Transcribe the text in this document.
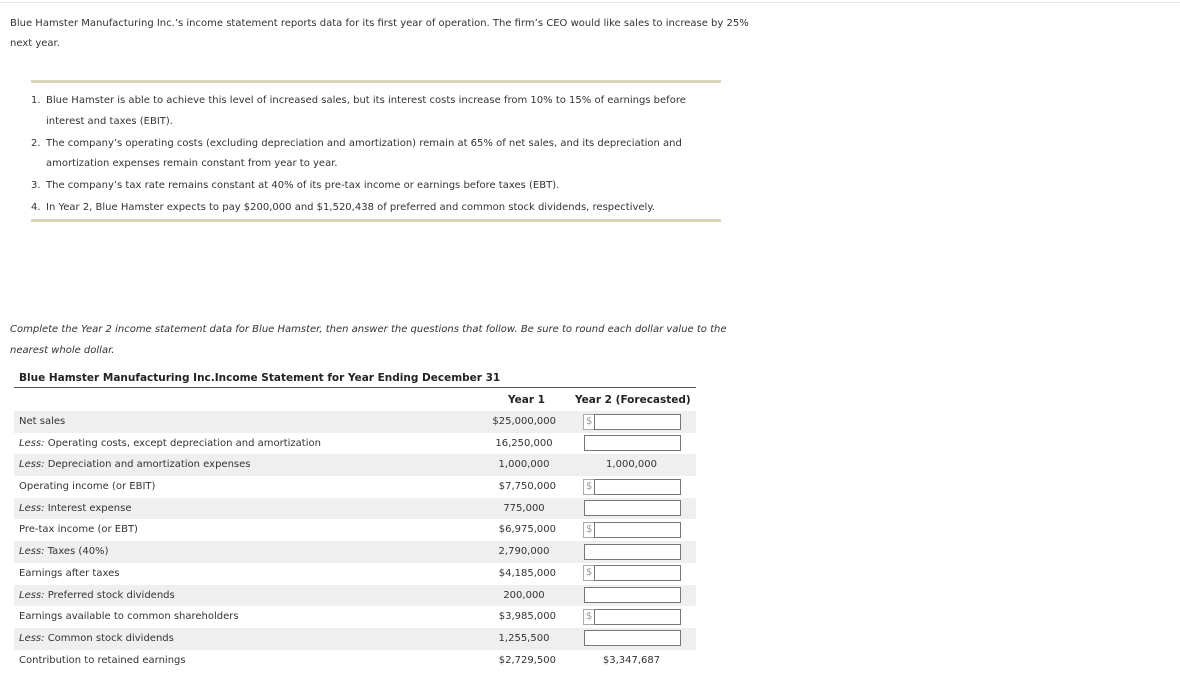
Blue Hamster Manufacturing Inc.’s income statement reports data for its first year of operation. The firm’s CEO would like sales to increase by 25% next year.
1. Blue Hamster is able to achieve this level of increased sales, but its interest costs increase from 10% to 15% of earnings before interest and taxes (EBIT).
2. The company’s operating costs (excluding depreciation and amortization) remain at 65% of net sales, and its depreciation and amortization expenses remain constant from year to year.
3. The company’s tax rate remains constant at 40% of its pre-tax income or earnings before taxes (EBT).
4. In Year 2, Blue Hamster expects to pay $200,000 and $1,520,438 of preferred and common stock dividends, respectively.
Complete the Year 2 income statement data for Blue Hamster, then answer the questions that follow. Be sure to round each dollar value to the nearest whole dollar.
Blue Hamster Manufacturing Inc.Income Statement for Year Ending December 31
Year 1	Year 2 (Forecasted)
Net sales	$25,000,000	$
Less: Operating costs, except depreciation and amortization	16,250,000
Less: Depreciation and amortization expenses	1,000,000	1,000,000
Operating income (or EBIT)	$7,750,000	$
Less: Interest expense	775,000
Pre-tax income (or EBT)	$6,975,000	$
Less: Taxes (40%)	2,790,000
Earnings after taxes	$4,185,000	$
Less: Preferred stock dividends	200,000
Earnings available to common shareholders	$3,985,000	$
Less: Common stock dividends	1,255,500
Contribution to retained earnings	$2,729,500	$3,347,687
